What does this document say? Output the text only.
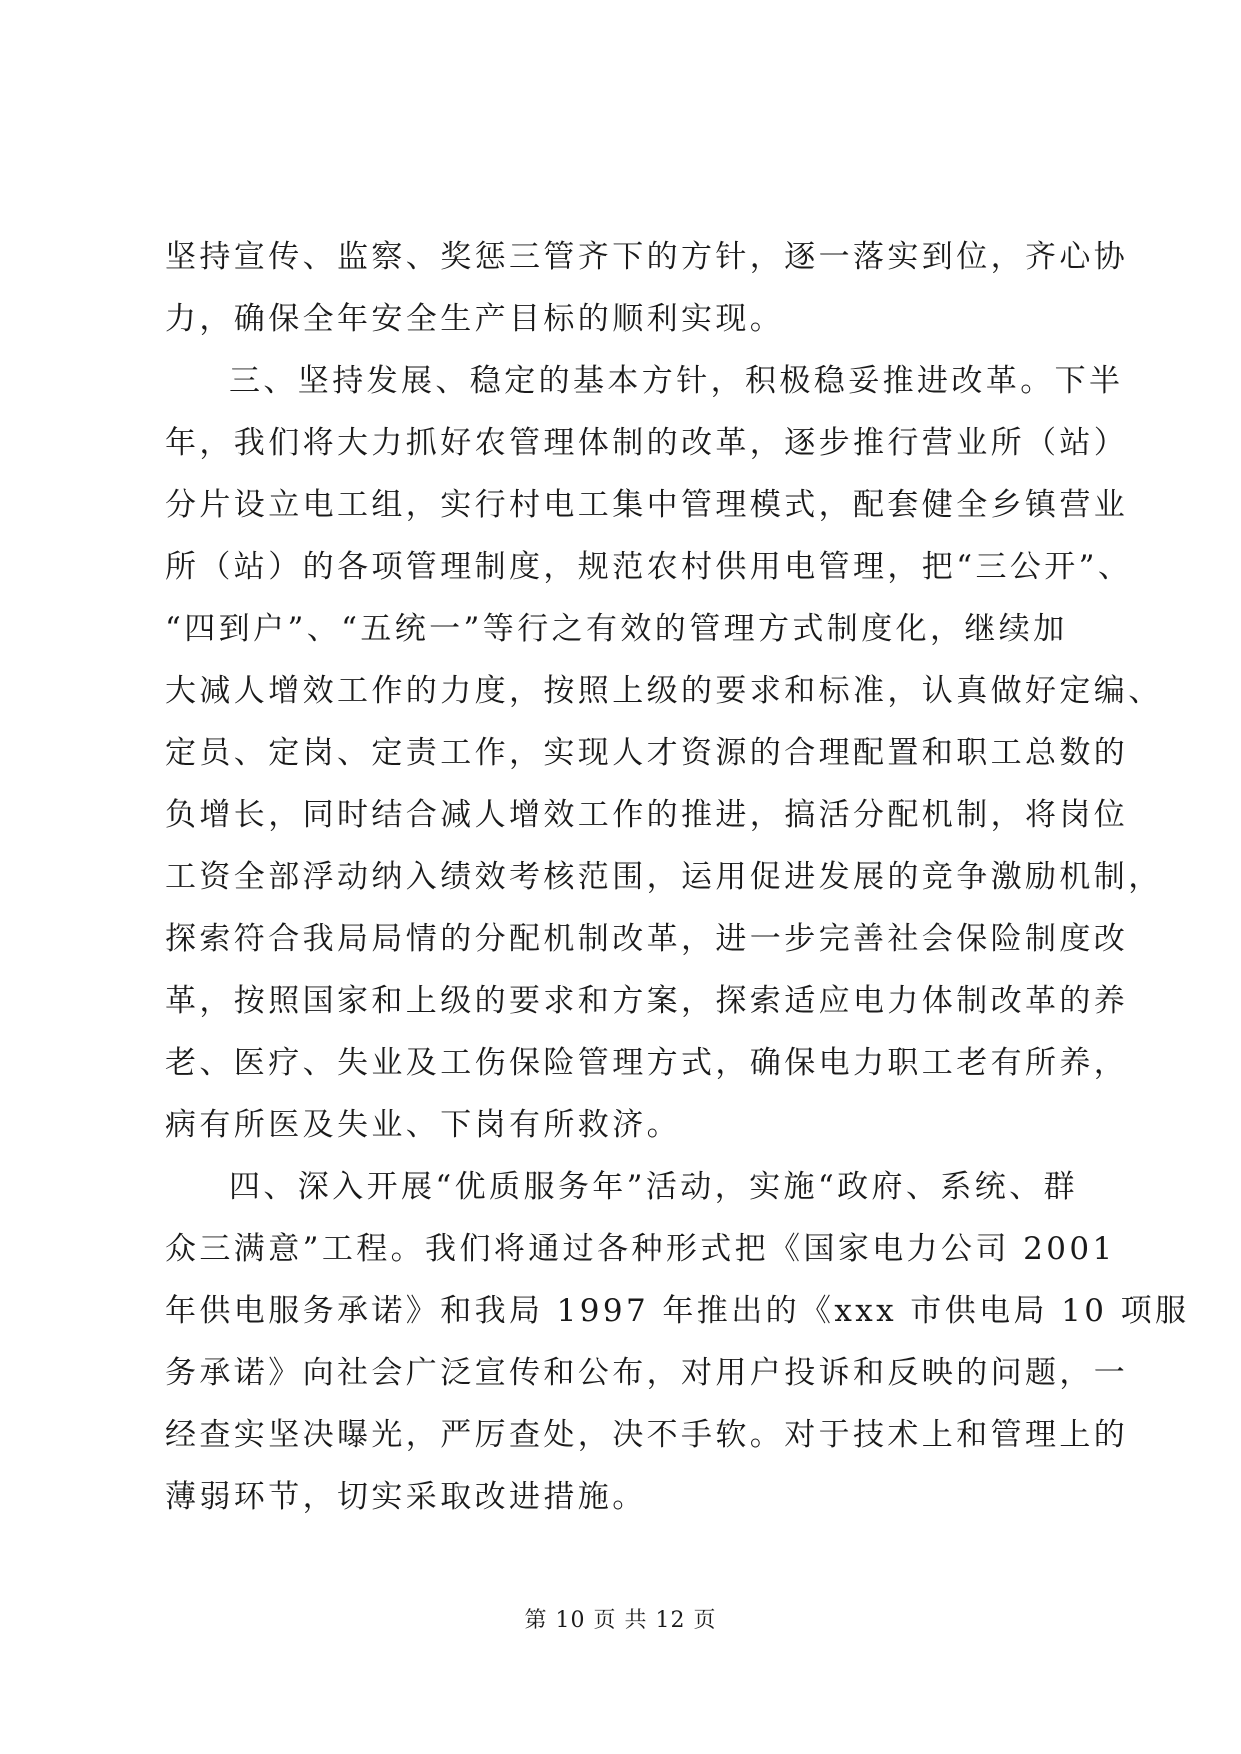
坚持宣传、监察、奖惩三管齐下的方针，逐一落实到位，齐心协
力，确保全年安全生产目标的顺利实现。
三、坚持发展、稳定的基本方针，积极稳妥推进改革。下半
年，我们将大力抓好农管理体制的改革，逐步推行营业所（站）
分片设立电工组，实行村电工集中管理模式，配套健全乡镇营业
所（站）的各项管理制度，规范农村供用电管理，把“三公开”、
“四到户”、“五统一”等行之有效的管理方式制度化，继续加
大减人增效工作的力度，按照上级的要求和标准，认真做好定编、
定员、定岗、定责工作，实现人才资源的合理配置和职工总数的
负增长，同时结合减人增效工作的推进，搞活分配机制，将岗位
工资全部浮动纳入绩效考核范围，运用促进发展的竞争激励机制，
探索符合我局局情的分配机制改革，进一步完善社会保险制度改
革，按照国家和上级的要求和方案，探索适应电力体制改革的养
老、医疗、失业及工伤保险管理方式，确保电力职工老有所养，
病有所医及失业、下岗有所救济。
四、深入开展“优质服务年”活动，实施“政府、系统、群
众三满意”工程。我们将通过各种形式把《国家电力公司 2001
年供电服务承诺》和我局 1997 年推出的《xxx 市供电局 10 项服
务承诺》向社会广泛宣传和公布，对用户投诉和反映的问题，一
经查实坚决曝光，严厉查处，决不手软。对于技术上和管理上的
薄弱环节，切实采取改进措施。
第 10 页 共 12 页
